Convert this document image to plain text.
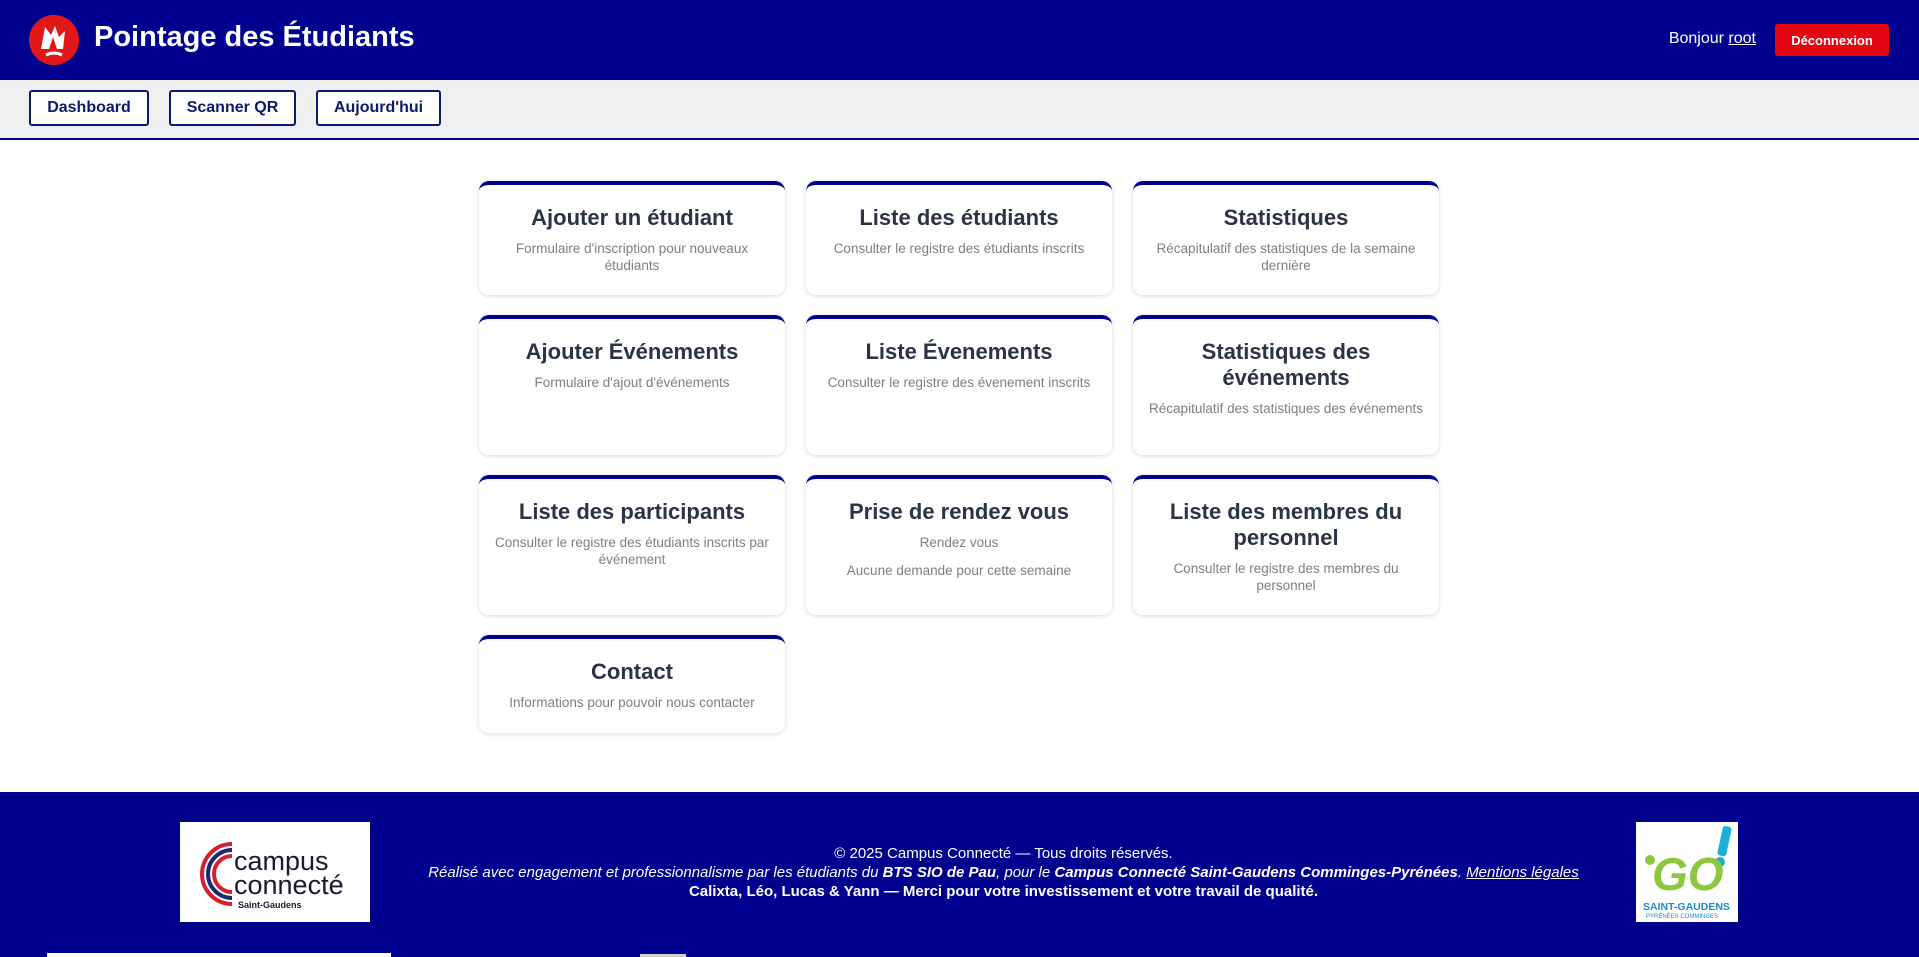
Pointage des Étudiants	Bonjour root	Déconnexion
Dashboard	Scanner QR	Aujourd'hui
Ajouter un étudiant

Formulaire d'inscription pour nouveaux étudiants

Liste des étudiants

Consulter le registre des étudiants inscrits

Statistiques

Récapitulatif des statistiques de la semaine dernière

Ajouter Événements

Formulaire d'ajout d'événements

Liste Évenements

Consulter le registre des évenement inscrits

Statistiques des événements

Récapitulatif des statistiques des événements

Liste des participants

Consulter le registre des étudiants inscrits par événement

Prise de rendez vous

Rendez vous

Aucune demande pour cette semaine

Liste des membres du personnel

Consulter le registre des membres du personnel

Contact

Informations pour pouvoir nous contacter

campus
connecté
Saint-Gaudens
© 2025 Campus Connecté — Tous droits réservés.
Réalisé avec engagement et professionnalisme par les étudiants du BTS SIO de Pau, pour le Campus Connecté Saint-Gaudens Comminges-Pyrénées. Mentions légales
Calixta, Léo, Lucas & Yann — Merci pour votre investissement et votre travail de qualité.	GO
SAINT-GAUDENS
PYRÉNÉES COMMINGES
